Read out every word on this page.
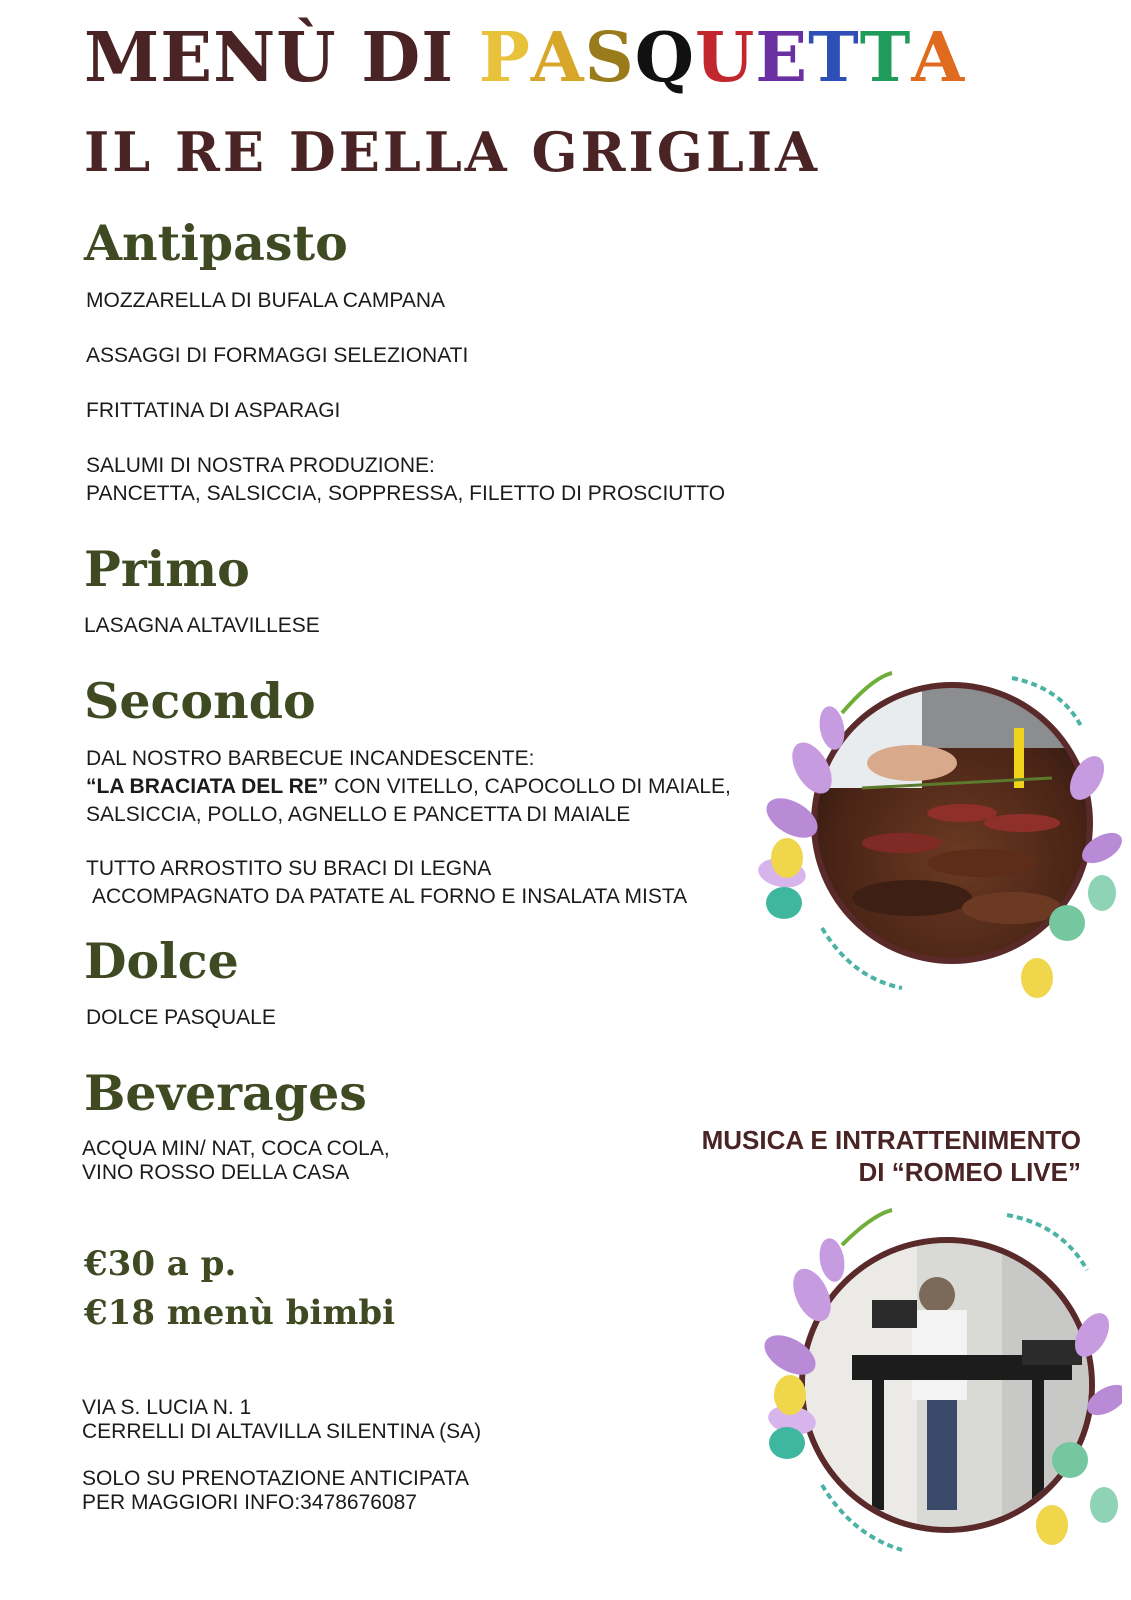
MENÙ DI PASQUETTA
IL RE DELLA GRIGLIA
Antipasto
MOZZARELLA DI BUFALA CAMPANA
ASSAGGI DI FORMAGGI SELEZIONATI
FRITTATINA DI ASPARAGI
SALUMI DI NOSTRA PRODUZIONE:
PANCETTA, SALSICCIA, SOPPRESSA, FILETTO DI PROSCIUTTO
Primo
LASAGNA ALTAVILLESE
Secondo
DAL NOSTRO BARBECUE INCANDESCENTE:
“LA BRACIATA DEL RE” CON VITELLO, CAPOCOLLO DI MAIALE,
SALSICCIA, POLLO, AGNELLO E PANCETTA DI MAIALE
TUTTO ARROSTITO SU BRACI DI LEGNA
ACCOMPAGNATO DA PATATE AL FORNO E INSALATA MISTA
Dolce
DOLCE PASQUALE
Beverages
ACQUA MIN/ NAT, COCA COLA,
VINO ROSSO DELLA CASA
MUSICA E INTRATTENIMENTO
DI “ROMEO LIVE”
€30 a p.
€18 menù bimbi
VIA S. LUCIA N. 1
CERRELLI DI ALTAVILLA SILENTINA (SA)
SOLO SU PRENOTAZIONE ANTICIPATA
PER MAGGIORI INFO:3478676087
